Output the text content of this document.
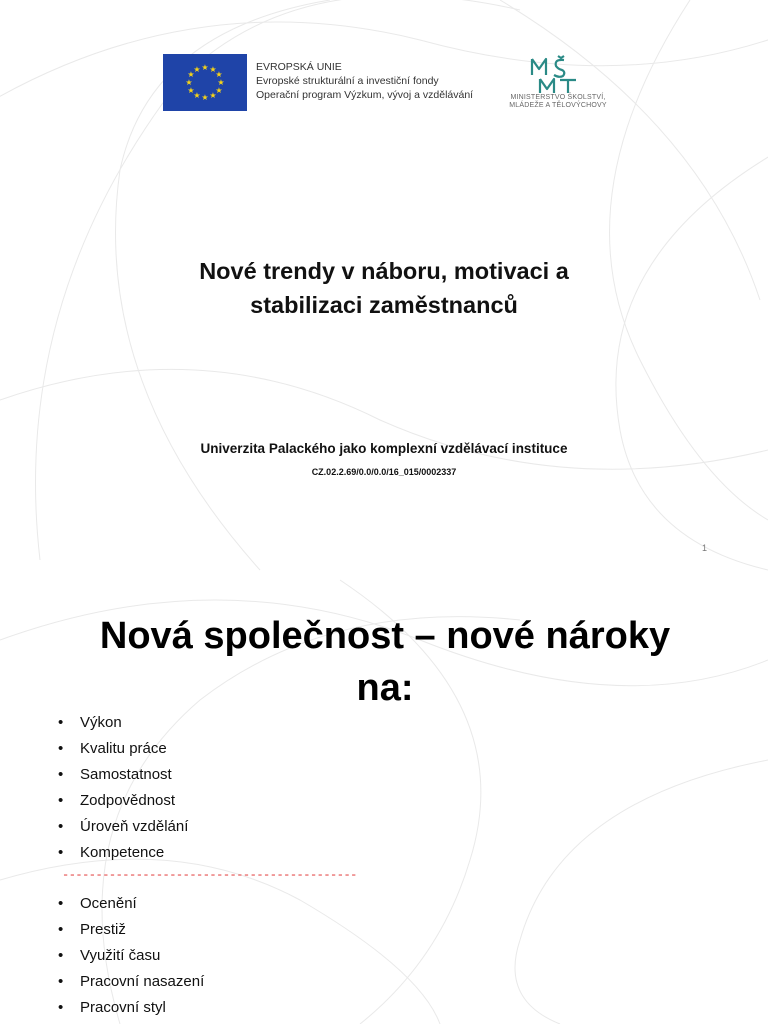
★ ★
★
★
★
★
★
★
★
★
★
★	EVROPSKÁ UNIE
Evropské strukturální a investiční fondy
Operační program Výzkum, vývoj a vzdělávání	MINISTERSTVO ŠKOLSTVÍ,
MLÁDEŽE A TĚLOVÝCHOVY
Nové trendy v náboru, motivaci a
stabilizaci zaměstnanců
Univerzita Palackého jako komplexní vzdělávací instituce
CZ.02.2.69/0.0/0.0/16_015/0002337
1
Nová společnost – nové nároky
na:
• Výkon
• Kvalitu práce
• Samostatnost
• Zodpovědnost
• Úroveň vzdělání
• Kompetence
--------------------------------------------
• Ocenění
• Prestiž
• Využití času
• Pracovní nasazení
• Pracovní styl
